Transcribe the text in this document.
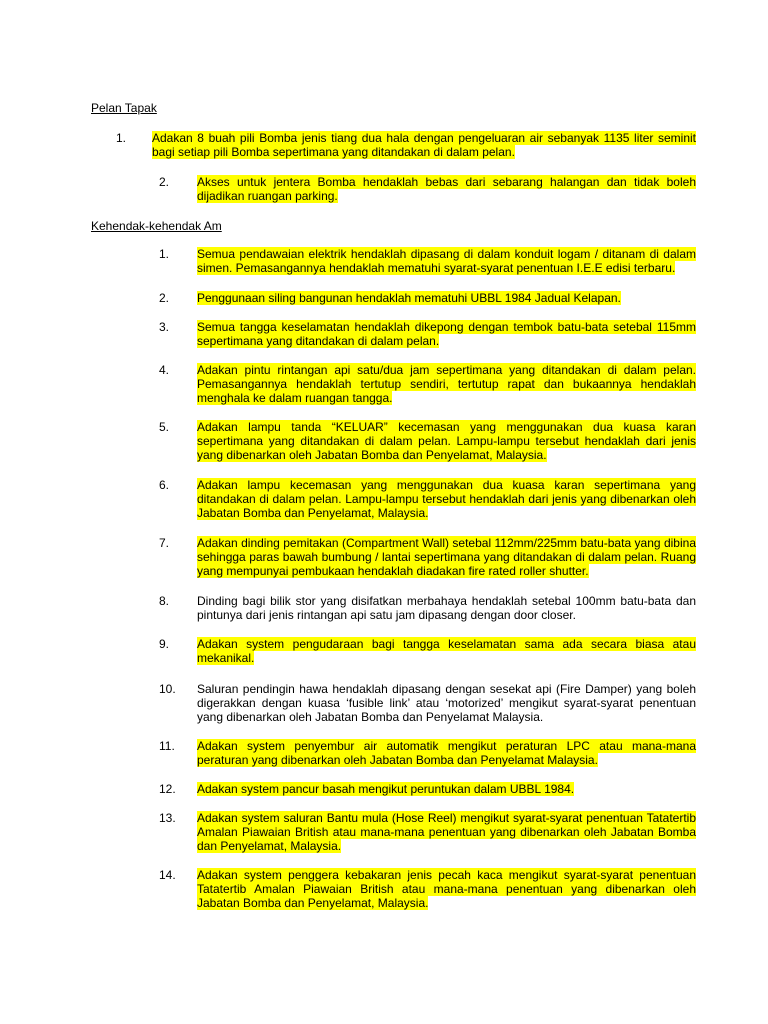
Pelan Tapak
1. Adakan 8 buah pili Bomba jenis tiang dua hala dengan pengeluaran air sebanyak 1135 liter seminit bagi setiap pili Bomba sepertimana yang ditandakan di dalam pelan.
2. Akses untuk jentera Bomba hendaklah bebas dari sebarang halangan dan tidak boleh dijadikan ruangan parking.
Kehendak-kehendak Am
1. Semua pendawaian elektrik hendaklah dipasang di dalam konduit logam / ditanam di dalam simen. Pemasangannya hendaklah mematuhi syarat-syarat penentuan I.E.E edisi terbaru.
2. Penggunaan siling bangunan hendaklah mematuhi UBBL 1984 Jadual Kelapan.
3. Semua tangga keselamatan hendaklah dikepong dengan tembok batu-bata setebal 115mm sepertimana yang ditandakan di dalam pelan.
4. Adakan pintu rintangan api satu/dua jam sepertimana yang ditandakan di dalam pelan. Pemasangannya hendaklah tertutup sendiri, tertutup rapat dan bukaannya hendaklah menghala ke dalam ruangan tangga.
5. Adakan lampu tanda “KELUAR” kecemasan yang menggunakan dua kuasa karan sepertimana yang ditandakan di dalam pelan. Lampu-lampu tersebut hendaklah dari jenis yang dibenarkan oleh Jabatan Bomba dan Penyelamat, Malaysia.
6. Adakan lampu kecemasan yang menggunakan dua kuasa karan sepertimana yang ditandakan di dalam pelan. Lampu-lampu tersebut hendaklah dari jenis yang dibenarkan oleh Jabatan Bomba dan Penyelamat, Malaysia.
7. Adakan dinding pemitakan (Compartment Wall) setebal 112mm/225mm batu-bata yang dibina sehingga paras bawah bumbung / lantai sepertimana yang ditandakan di dalam pelan. Ruang yang mempunyai pembukaan hendaklah diadakan fire rated roller shutter.
8. Dinding bagi bilik stor yang disifatkan merbahaya hendaklah setebal 100mm batu-bata dan pintunya dari jenis rintangan api satu jam dipasang dengan door closer.
9. Adakan system pengudaraan bagi tangga keselamatan sama ada secara biasa atau mekanikal.
10. Saluran pendingin hawa hendaklah dipasang dengan sesekat api (Fire Damper) yang boleh digerakkan dengan kuasa ‘fusible link’ atau ‘motorized’ mengikut syarat-syarat penentuan yang dibenarkan oleh Jabatan Bomba dan Penyelamat Malaysia.
11. Adakan system penyembur air automatik mengikut peraturan LPC atau mana-mana peraturan yang dibenarkan oleh Jabatan Bomba dan Penyelamat Malaysia.
12. Adakan system pancur basah mengikut peruntukan dalam UBBL 1984.
13. Adakan system saluran Bantu mula (Hose Reel) mengikut syarat-syarat penentuan Tatatertib Amalan Piawaian British atau mana-mana penentuan yang dibenarkan oleh Jabatan Bomba dan Penyelamat, Malaysia.
14. Adakan system penggera kebakaran jenis pecah kaca mengikut syarat-syarat penentuan Tatatertib Amalan Piawaian British atau mana-mana penentuan yang dibenarkan oleh Jabatan Bomba dan Penyelamat, Malaysia.
